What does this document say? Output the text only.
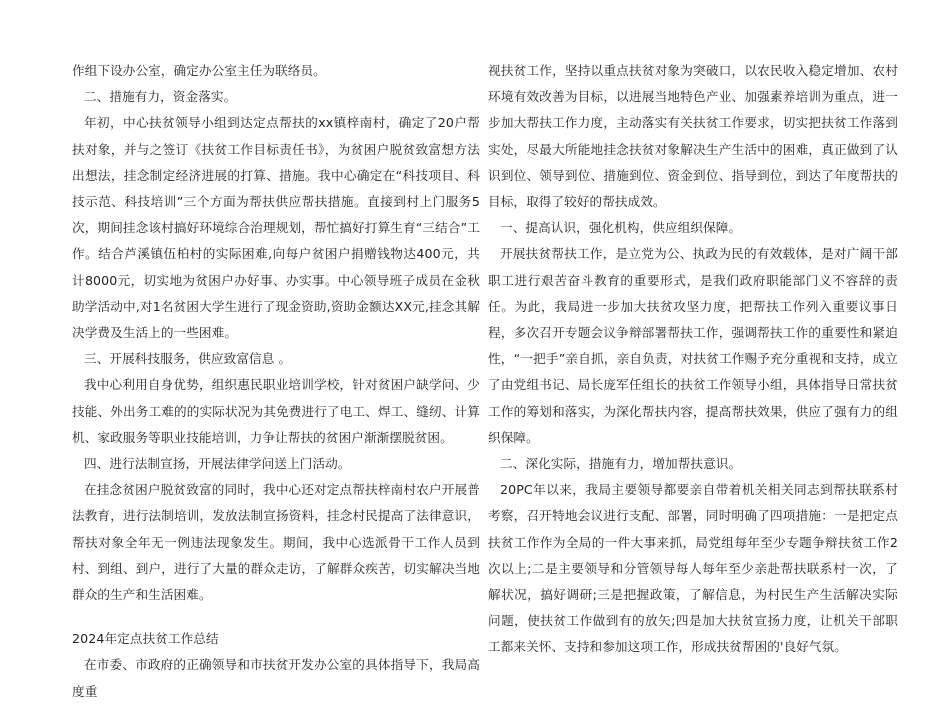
作组下设办公室，确定办公室主任为联络员。

二、措施有力，资金落实。

年初，中心扶贫领导小组到达定点帮扶的xx镇梓南村，确定了20户帮扶对象，并与之签订《扶贫工作目标责任书》，为贫困户脱贫致富想方法出想法，挂念制定经济进展的打算、措施。我中心确定在“科技项目、科技示范、科技培训”三个方面为帮扶供应帮扶措施。直接到村上门服务5次，期间挂念该村搞好环境综合治理规划，帮忙搞好打算生育“三结合”工作。结合芦溪镇伍柏村的实际困难,向每户贫困户捐赠钱物达400元，共计8000元，切实地为贫困户办好事、办实事。中心领导班子成员在金秋助学活动中,对1名贫困大学生进行了现金资助,资助金额达XX元,挂念其解决学费及生活上的一些困难。

三、开展科技服务，供应致富信息 。

我中心利用自身优势，组织惠民职业培训学校，针对贫困户缺学问、少技能、外出务工难的的实际状况为其免费进行了电工、焊工、缝纫、计算机、家政服务等职业技能培训，力争让帮扶的贫困户渐渐摆脱贫困。

四、进行法制宣扬，开展法律学问送上门活动。

在挂念贫困户脱贫致富的同时，我中心还对定点帮扶梓南村农户开展普法教育，进行法制培训，发放法制宣扬资料，挂念村民提高了法律意识，帮扶对象全年无一例违法现象发生。期间，我中心选派骨干工作人员到村、到组、到户，进行了大量的群众走访，了解群众疾苦，切实解决当地群众的生产和生活困难。

2024年定点扶贫工作总结

在市委、市政府的正确领导和市扶贫开发办公室的具体指导下，我局高度重

视扶贫工作，坚持以重点扶贫对象为突破口，以农民收入稳定增加、农村环境有效改善为目标，以进展当地特色产业、加强素养培训为重点，进一步加大帮扶工作力度，主动落实有关扶贫工作要求，切实把扶贫工作落到实处，尽最大所能地挂念扶贫对象解决生产生活中的困难，真正做到了认识到位、领导到位、措施到位、资金到位、指导到位，到达了年度帮扶的目标，取得了较好的帮扶成效。

一、提高认识，强化机构，供应组织保障。

开展扶贫帮扶工作，是立党为公、执政为民的有效载体，是对广阔干部职工进行艰苦奋斗教育的重要形式，是我们政府职能部门义不容辞的责任。为此，我局进一步加大扶贫攻坚力度，把帮扶工作列入重要议事日程，多次召开专题会议争辩部署帮扶工作，强调帮扶工作的重要性和紧迫性，“一把手”亲自抓，亲自负责，对扶贫工作赐予充分重视和支持，成立了由党组书记、局长庞军任组长的扶贫工作领导小组，具体指导日常扶贫工作的筹划和落实，为深化帮扶内容，提高帮扶效果，供应了强有力的组织保障。

二、深化实际，措施有力，增加帮扶意识。

20PC年以来，我局主要领导都要亲自带着机关相关同志到帮扶联系村考察，召开特地会议进行支配、部署，同时明确了四项措施：一是把定点扶贫工作作为全局的一件大事来抓，局党组每年至少专题争辩扶贫工作2次以上;二是主要领导和分管领导每人每年至少亲赴帮扶联系村一次，了解状况，搞好调研;三是把握政策，了解信息，为村民生产生活解决实际问题，使扶贫工作做到有的放矢;四是加大扶贫宣扬力度，让机关干部职工都来关怀、支持和参加这项工作，形成扶贫帮困的'良好气氛。
